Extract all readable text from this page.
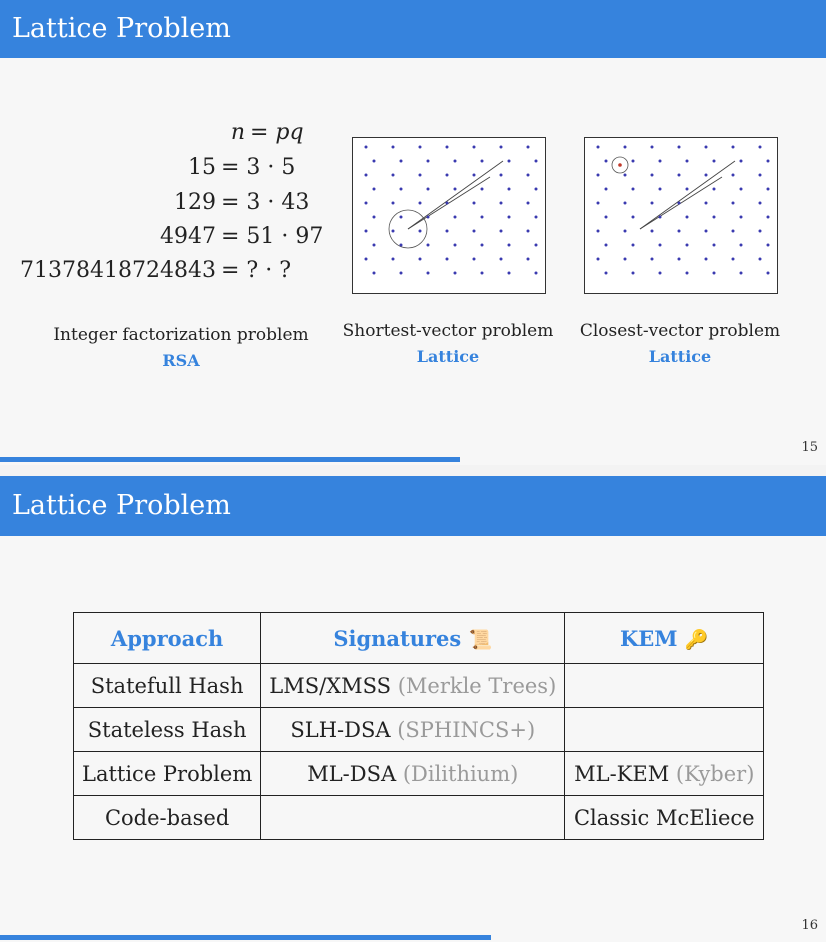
Lattice Problem
n = pq
15 = 3 · 5
129 = 3 · 43
4947 = 51 · 97
71378418724843 = ? · ?
Integer factorization problem
RSA
Shortest-vector problem
Lattice
Closest-vector problem
Lattice
15
Lattice Problem
Approach	Signatures 📜	KEM 🔑
Statefull Hash	LMS/XMSS (Merkle Trees)	
Stateless Hash	SLH-DSA (SPHINCS+)	
Lattice Problem	ML-DSA (Dilithium)	ML-KEM (Kyber)
Code-based		Classic McEliece
16
